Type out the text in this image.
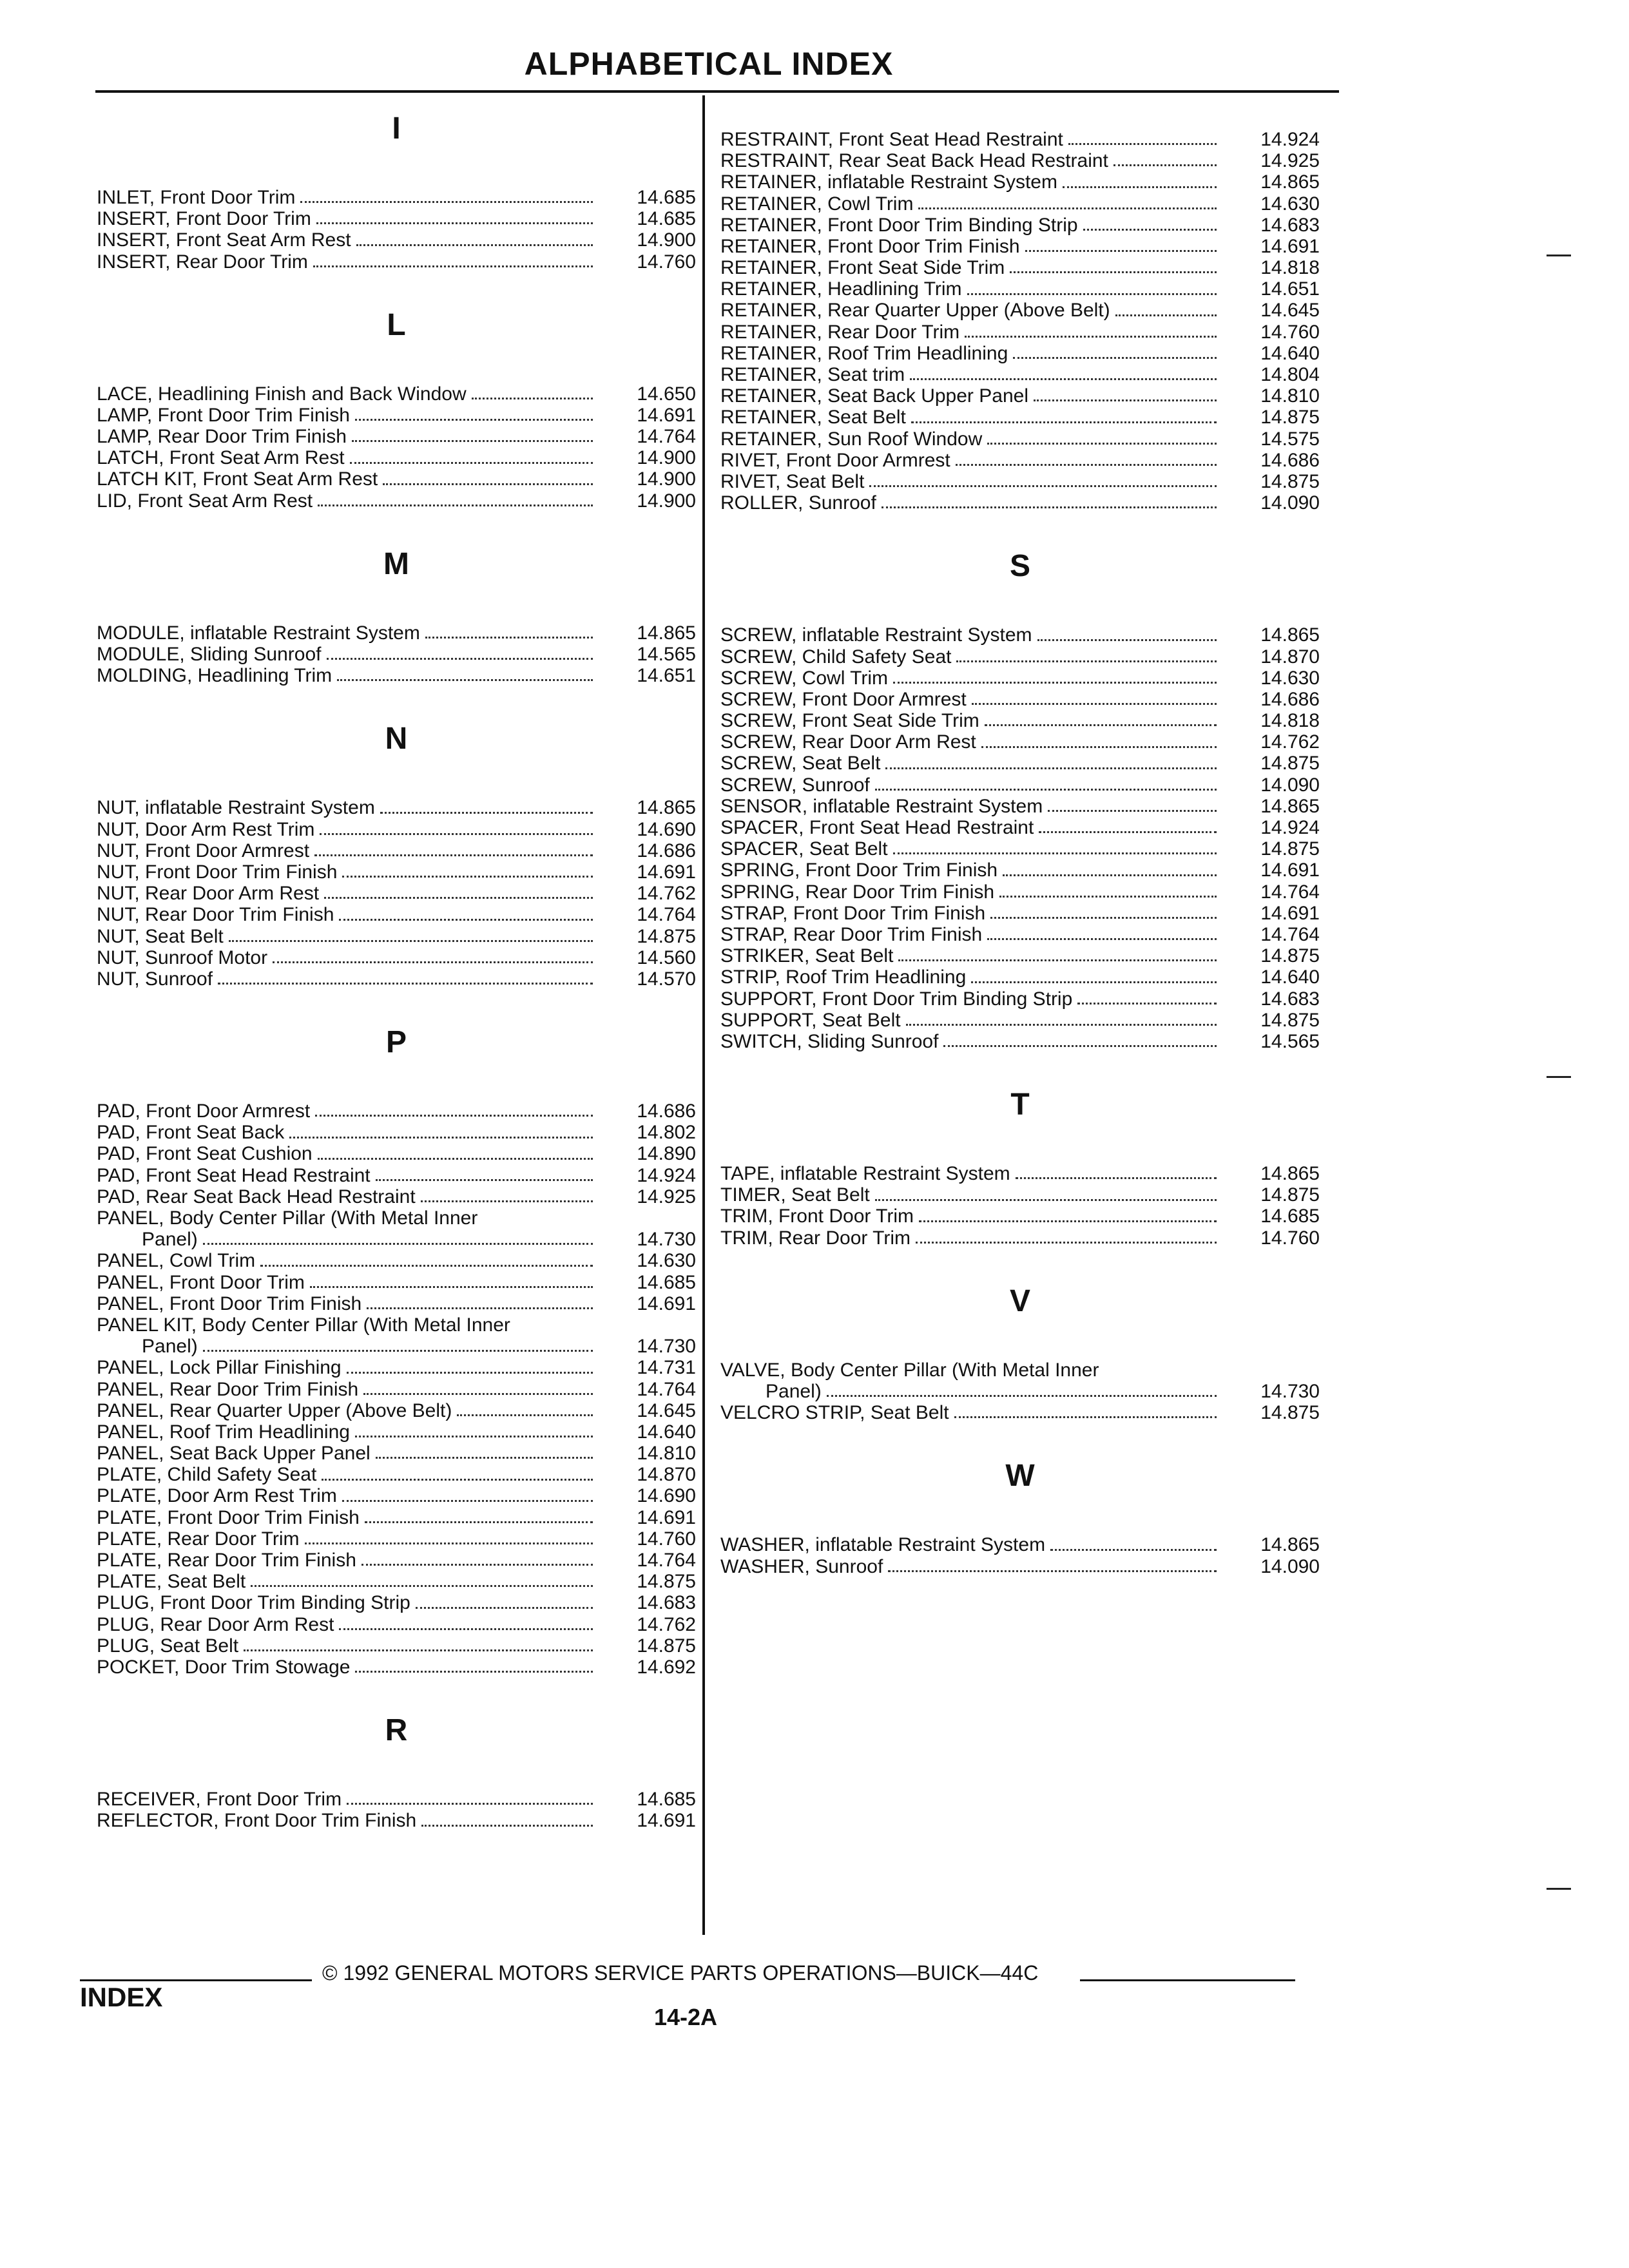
ALPHABETICAL INDEX
I
INLET, Front Door Trim	14.685
INSERT, Front Door Trim	14.685
INSERT, Front Seat Arm Rest	14.900
INSERT, Rear Door Trim	14.760
L
LACE, Headlining Finish and Back Window	14.650
LAMP, Front Door Trim Finish	14.691
LAMP, Rear Door Trim Finish	14.764
LATCH, Front Seat Arm Rest	14.900
LATCH KIT, Front Seat Arm Rest	14.900
LID, Front Seat Arm Rest	14.900
M
MODULE, inflatable Restraint System	14.865
MODULE, Sliding Sunroof	14.565
MOLDING, Headlining Trim	14.651
N
NUT, inflatable Restraint System	14.865
NUT, Door Arm Rest Trim	14.690
NUT, Front Door Armrest	14.686
NUT, Front Door Trim Finish	14.691
NUT, Rear Door Arm Rest	14.762
NUT, Rear Door Trim Finish	14.764
NUT, Seat Belt	14.875
NUT, Sunroof Motor	14.560
NUT, Sunroof	14.570
P
PAD, Front Door Armrest	14.686
PAD, Front Seat Back	14.802
PAD, Front Seat Cushion	14.890
PAD, Front Seat Head Restraint	14.924
PAD, Rear Seat Back Head Restraint	14.925
PANEL, Body Center Pillar (With Metal Inner
Panel)	14.730
PANEL, Cowl Trim	14.630
PANEL, Front Door Trim	14.685
PANEL, Front Door Trim Finish	14.691
PANEL KIT, Body Center Pillar (With Metal Inner
Panel)	14.730
PANEL, Lock Pillar Finishing	14.731
PANEL, Rear Door Trim Finish	14.764
PANEL, Rear Quarter Upper (Above Belt)	14.645
PANEL, Roof Trim Headlining	14.640
PANEL, Seat Back Upper Panel	14.810
PLATE, Child Safety Seat	14.870
PLATE, Door Arm Rest Trim	14.690
PLATE, Front Door Trim Finish	14.691
PLATE, Rear Door Trim	14.760
PLATE, Rear Door Trim Finish	14.764
PLATE, Seat Belt	14.875
PLUG, Front Door Trim Binding Strip	14.683
PLUG, Rear Door Arm Rest	14.762
PLUG, Seat Belt	14.875
POCKET, Door Trim Stowage	14.692
R
RECEIVER, Front Door Trim	14.685
REFLECTOR, Front Door Trim Finish	14.691
RESTRAINT, Front Seat Head Restraint	14.924
RESTRAINT, Rear Seat Back Head Restraint	14.925
RETAINER, inflatable Restraint System	14.865
RETAINER, Cowl Trim	14.630
RETAINER, Front Door Trim Binding Strip	14.683
RETAINER, Front Door Trim Finish	14.691
RETAINER, Front Seat Side Trim	14.818
RETAINER, Headlining Trim	14.651
RETAINER, Rear Quarter Upper (Above Belt)	14.645
RETAINER, Rear Door Trim	14.760
RETAINER, Roof Trim Headlining	14.640
RETAINER, Seat trim	14.804
RETAINER, Seat Back Upper Panel	14.810
RETAINER, Seat Belt	14.875
RETAINER, Sun Roof Window	14.575
RIVET, Front Door Armrest	14.686
RIVET, Seat Belt	14.875
ROLLER, Sunroof	14.090
S
SCREW, inflatable Restraint System	14.865
SCREW, Child Safety Seat	14.870
SCREW, Cowl Trim	14.630
SCREW, Front Door Armrest	14.686
SCREW, Front Seat Side Trim	14.818
SCREW, Rear Door Arm Rest	14.762
SCREW, Seat Belt	14.875
SCREW, Sunroof	14.090
SENSOR, inflatable Restraint System	14.865
SPACER, Front Seat Head Restraint	14.924
SPACER, Seat Belt	14.875
SPRING, Front Door Trim Finish	14.691
SPRING, Rear Door Trim Finish	14.764
STRAP, Front Door Trim Finish	14.691
STRAP, Rear Door Trim Finish	14.764
STRIKER, Seat Belt	14.875
STRIP, Roof Trim Headlining	14.640
SUPPORT, Front Door Trim Binding Strip	14.683
SUPPORT, Seat Belt	14.875
SWITCH, Sliding Sunroof	14.565
T
TAPE, inflatable Restraint System	14.865
TIMER, Seat Belt	14.875
TRIM, Front Door Trim	14.685
TRIM, Rear Door Trim	14.760
V
VALVE, Body Center Pillar (With Metal Inner
Panel)	14.730
VELCRO STRIP, Seat Belt	14.875
W
WASHER, inflatable Restraint System	14.865
WASHER, Sunroof	14.090
© 1992 GENERAL MOTORS SERVICE PARTS OPERATIONS—BUICK—44C
INDEX
14-2A
